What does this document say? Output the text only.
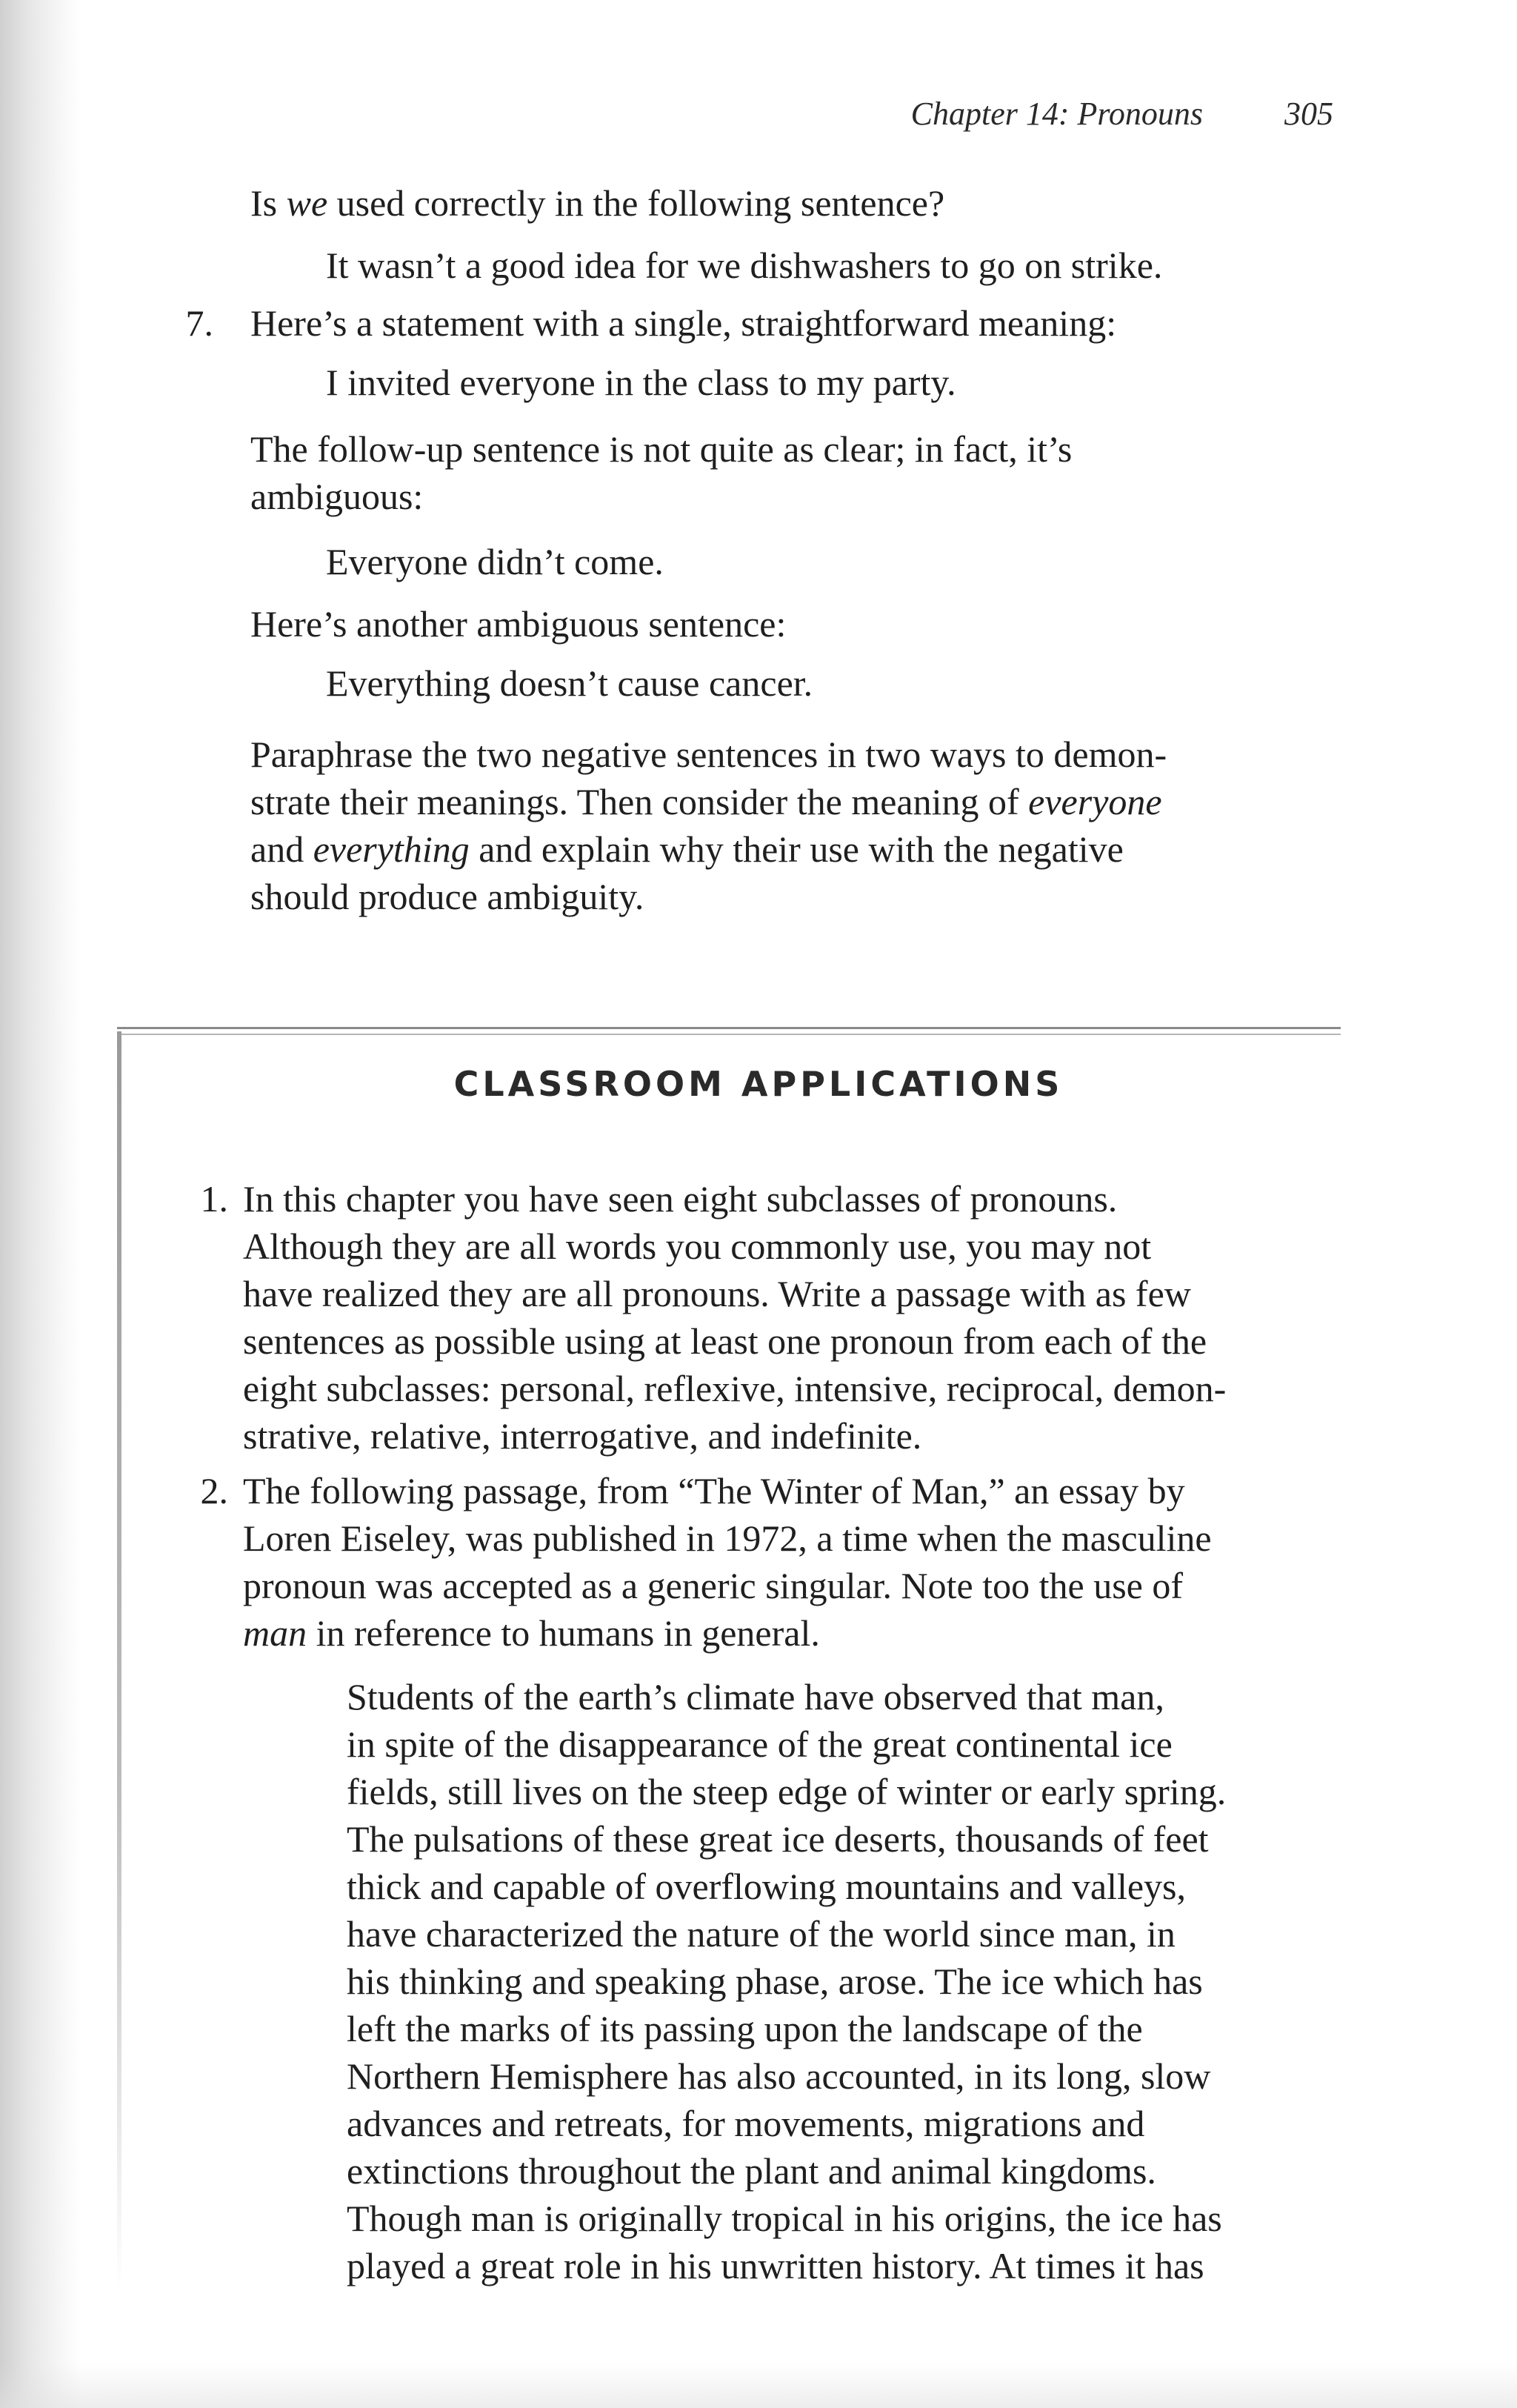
Chapter 14: Pronouns	305
Is we used correctly in the following sentence?
It wasn’t a good idea for we dishwashers to go on strike.
7. Here’s a statement with a single, straightforward meaning:
I invited everyone in the class to my party.
The follow-up sentence is not quite as clear; in fact, it’s
ambiguous:
Everyone didn’t come.
Here’s another ambiguous sentence:
Everything doesn’t cause cancer.
Paraphrase the two negative sentences in two ways to demon-
strate their meanings. Then consider the meaning of everyone
and everything and explain why their use with the negative
should produce ambiguity.
CLASSROOM APPLICATIONS
1. In this chapter you have seen eight subclasses of pronouns.
Although they are all words you commonly use, you may not
have realized they are all pronouns. Write a passage with as few
sentences as possible using at least one pronoun from each of the
eight subclasses: personal, reflexive, intensive, reciprocal, demon-
strative, relative, interrogative, and indefinite.
2. The following passage, from “The Winter of Man,” an essay by
Loren Eiseley, was published in 1972, a time when the masculine
pronoun was accepted as a generic singular. Note too the use of
man in reference to humans in general.
Students of the earth’s climate have observed that man,
in spite of the disappearance of the great continental ice
fields, still lives on the steep edge of winter or early spring.
The pulsations of these great ice deserts, thousands of feet
thick and capable of overflowing mountains and valleys,
have characterized the nature of the world since man, in
his thinking and speaking phase, arose. The ice which has
left the marks of its passing upon the landscape of the
Northern Hemisphere has also accounted, in its long, slow
advances and retreats, for movements, migrations and
extinctions throughout the plant and animal kingdoms.
Though man is originally tropical in his origins, the ice has
played a great role in his unwritten history. At times it has
